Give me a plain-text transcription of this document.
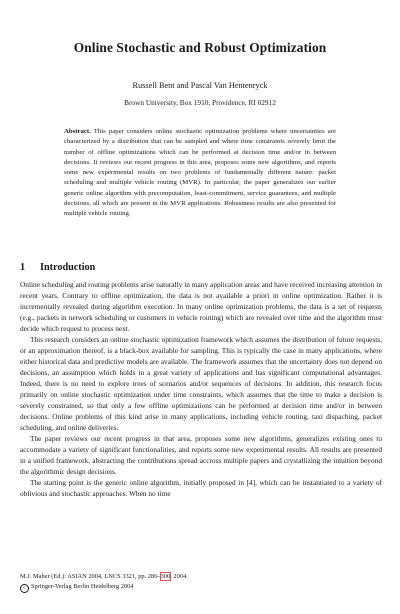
Online Stochastic and Robust Optimization
Russell Bent and Pascal Van Hentenryck
Brown University, Box 1910, Providence, RI 02912

Abstract. This paper considers online stochastic optimization problems where uncertainties are characterized by a distribution that can be sampled and where time constraints severely limit the number of offline optimizations which can be performed at decision time and/or in between decisions. It reviews our recent progress in this area, proposes some new algorithms, and reports some new experimental results on two problems of fundamentally different nature: packet scheduling and multiple vehicle routing (MVR). In particular, the paper generalizes our earlier generic online algorithm with precomputation, least-commitment, service guarantees, and multiple decisions, all which are present in the MVR applications. Robustness results are also presented for multiple vehicle routing.

1 Introduction

Online scheduling and routing problems arise naturally in many application areas and have received increasing attention in recent years. Contrary to offline optimization, the data is not available a priori in online optimization. Rather it is incrementally revealed during algorithm execution. In many online optimization problems, the data is a set of requests (e.g., packets in network scheduling or customers in vehicle routing) which are revealed over time and the algorithm must decide which request to process next.

This research considers an online stochastic optimization framework which assumes the distribution of future requests, or an approximation thereof, is a black-box available for sampling. This is typically the case in many applications, where either historical data and predictive models are available. The framework assumes that the uncertainty does not depend on decisions, an assumption which holds in a great variety of applications and has significant computational advantages. Indeed, there is no need to explore trees of scenarios and/or sequences of decisions. In addition, this research focus primarily on online stochastic optimization under time constraints, which assumes that the time to make a decision is severely constrained, so that only a few offline optimizations can be performed at decision time and/or in between decisions. Online problems of this kind arise in many applications, including vehicle routing, taxi dispaching, packet scheduling, and online deliveries.

The paper reviews our recent progress in that area, proposes some new algorithms, generalizes existing ones to accommodate a variety of significant functionalities, and reports some new experimental results. All results are presented in a unified framework, abstracting the contributions spread accross multiple papers and crystallizing the intuition beyond the algorithmic design decisions.

The starting point is the generic online algorithm, initially proposed in [4], which can be instantiated to a variety of oblivious and stochastic approaches. When no time

M.J. Maher (Ed.): ASIAN 2004, LNCS 3321, pp. 286–300, 2004.
c Springer-Verlag Berlin Heidelberg 2004
